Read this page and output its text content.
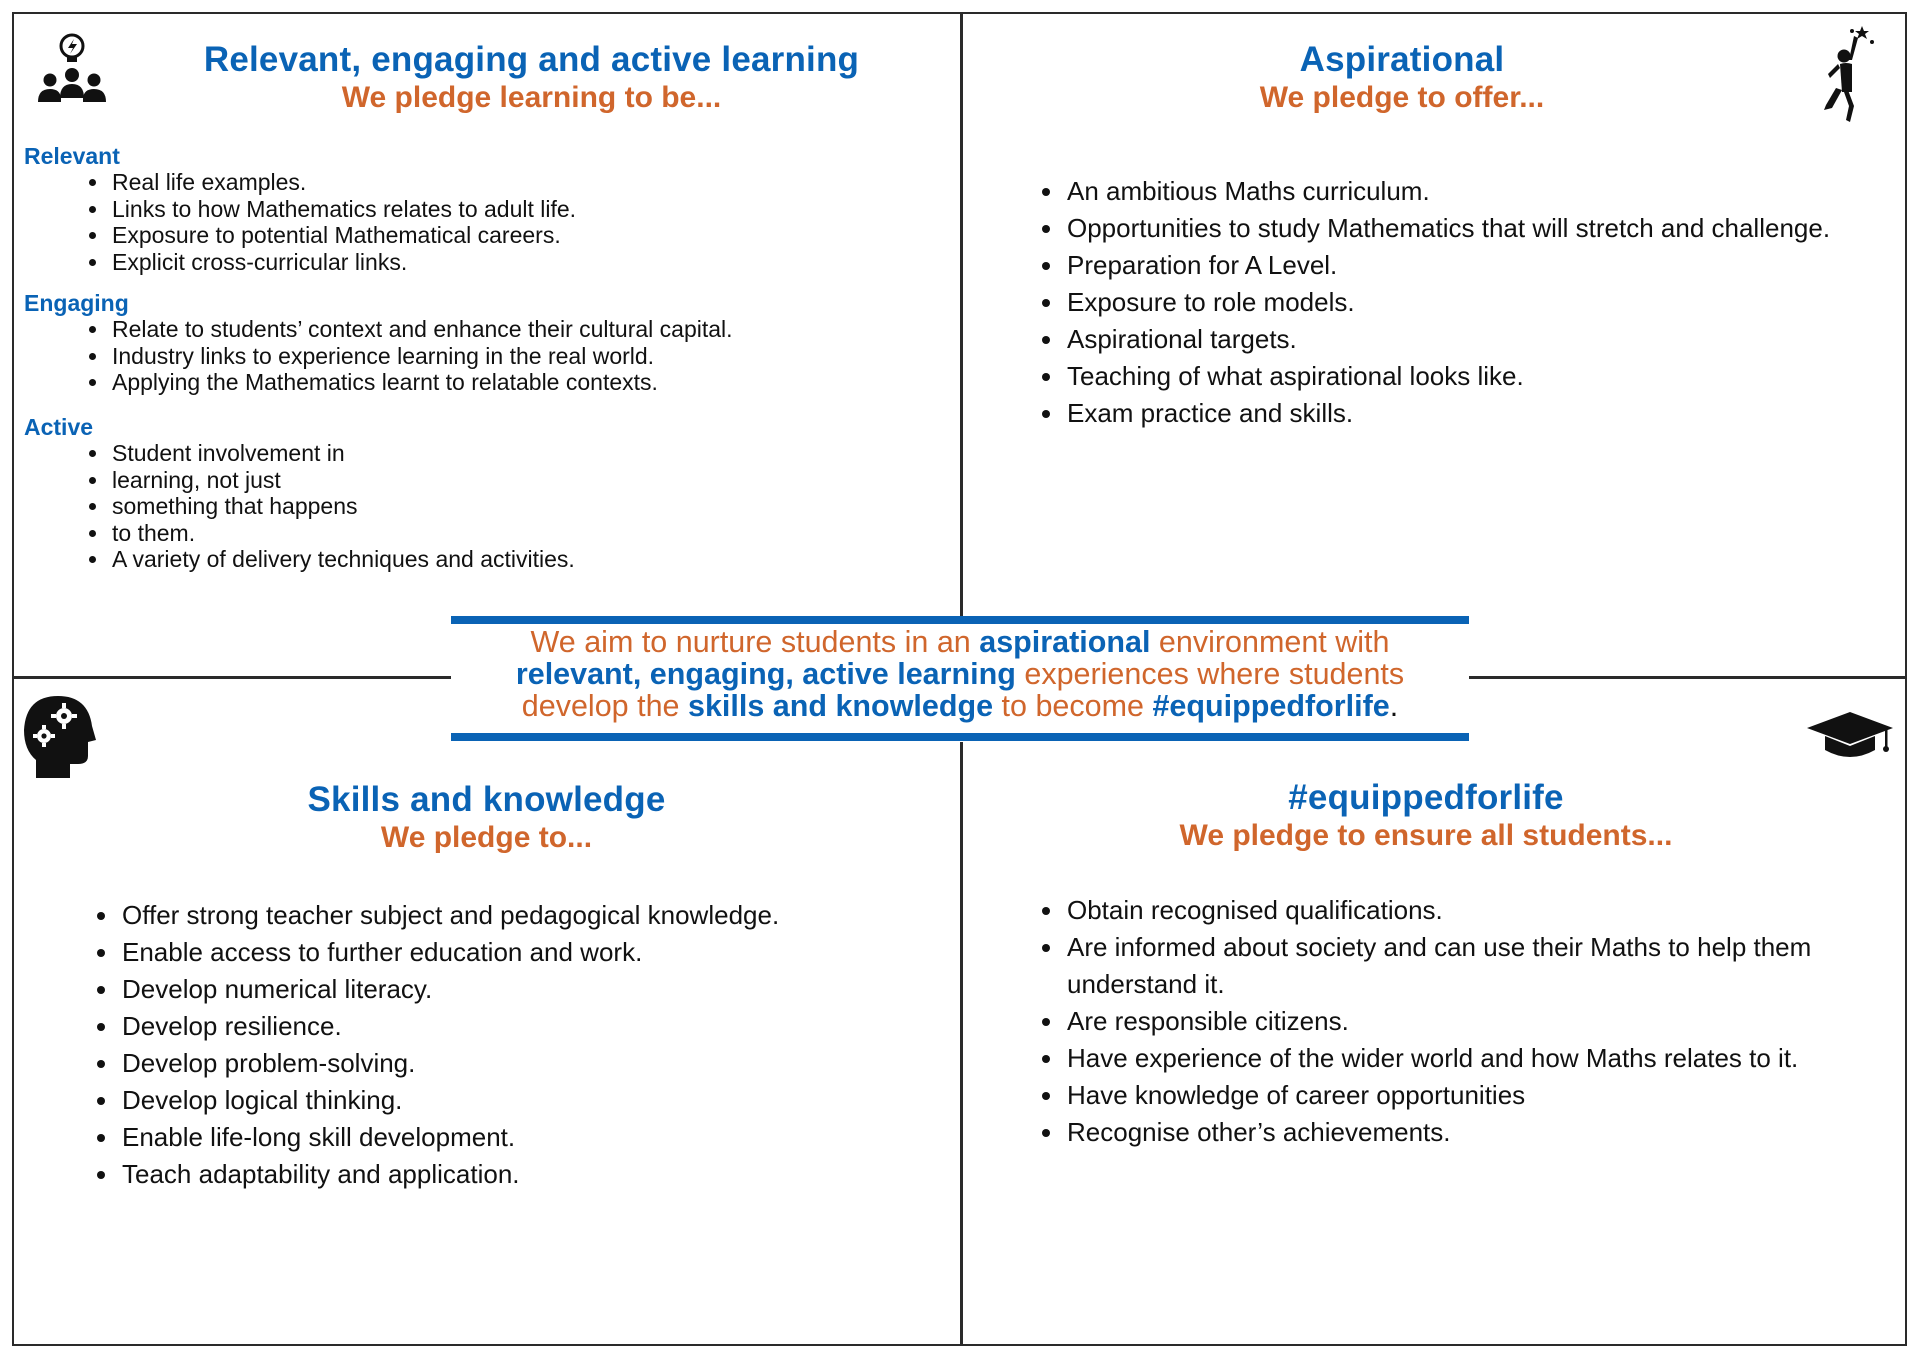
Relevant, engaging and active learning
We pledge learning to be...
Relevant
• Real life examples.
• Links to how Mathematics relates to adult life.
• Exposure to potential Mathematical careers.
• Explicit cross-curricular links.
Engaging
• Relate to students’ context and enhance their cultural capital.
• Industry links to experience learning in the real world.
• Applying the Mathematics learnt to relatable contexts.
Active
• Student involvement in
• learning, not just
• something that happens
• to them.
• A variety of delivery techniques and activities.
Aspirational
We pledge to offer...
• An ambitious Maths curriculum.
• Opportunities to study Mathematics that will stretch and challenge.
• Preparation for A Level.
• Exposure to role models.
• Aspirational targets.
• Teaching of what aspirational looks like.
• Exam practice and skills.
Skills and knowledge
We pledge to...
• Offer strong teacher subject and pedagogical knowledge.
• Enable access to further education and work.
• Develop numerical literacy.
• Develop resilience.
• Develop problem-solving.
• Develop logical thinking.
• Enable life-long skill development.
• Teach adaptability and application.
#equippedforlife
We pledge to ensure all students...
• Obtain recognised qualifications.
• Are informed about society and can use their Maths to help them understand it.
• Are responsible citizens.
• Have experience of the wider world and how Maths relates to it.
• Have knowledge of career opportunities
• Recognise other’s achievements.
We aim to nurture students in an aspirational environment with
relevant, engaging, active learning experiences where students
develop the skills and knowledge to become #equippedforlife.
